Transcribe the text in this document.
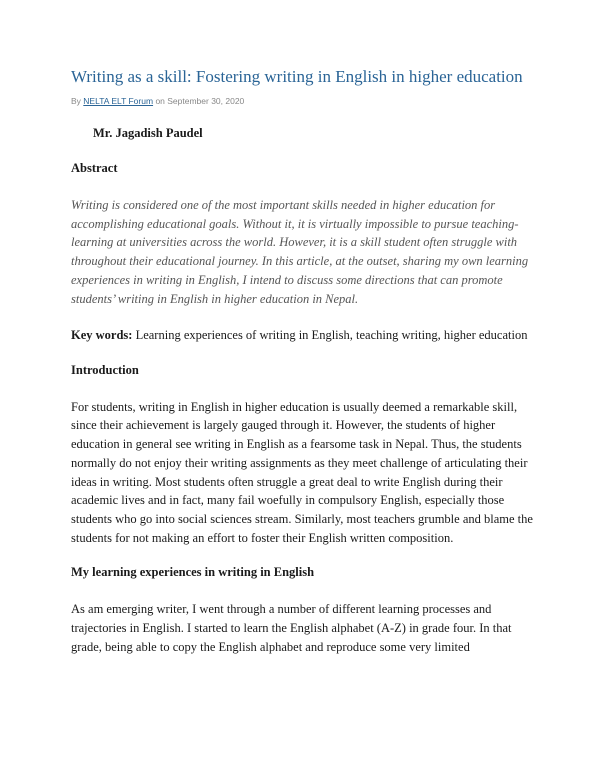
Writing as a skill: Fostering writing in English in higher education
By NELTA ELT Forum on September 30, 2020
Mr. Jagadish Paudel
Abstract

Writing is considered one of the most important skills needed in higher education for accomplishing educational goals. Without it, it is virtually impossible to pursue teaching-learning at universities across the world. However, it is a skill student often struggle with throughout their educational journey. In this article, at the outset, sharing my own learning experiences in writing in English, I intend to discuss some directions that can promote students’ writing in English in higher education in Nepal.

Key words: Learning experiences of writing in English, teaching writing, higher education

Introduction

For students, writing in English in higher education is usually deemed a remarkable skill, since their achievement is largely gauged through it. However, the students of higher education in general see writing in English as a fearsome task in Nepal. Thus, the students normally do not enjoy their writing assignments as they meet challenge of articulating their ideas in writing. Most students often struggle a great deal to write English during their academic lives and in fact, many fail woefully in compulsory English, especially those students who go into social sciences stream. Similarly, most teachers grumble and blame the students for not making an effort to foster their English written composition.

My learning experiences in writing in English

As am emerging writer, I went through a number of different learning processes and trajectories in English. I started to learn the English alphabet (A-Z) in grade four. In that grade, being able to copy the English alphabet and reproduce some very limited
